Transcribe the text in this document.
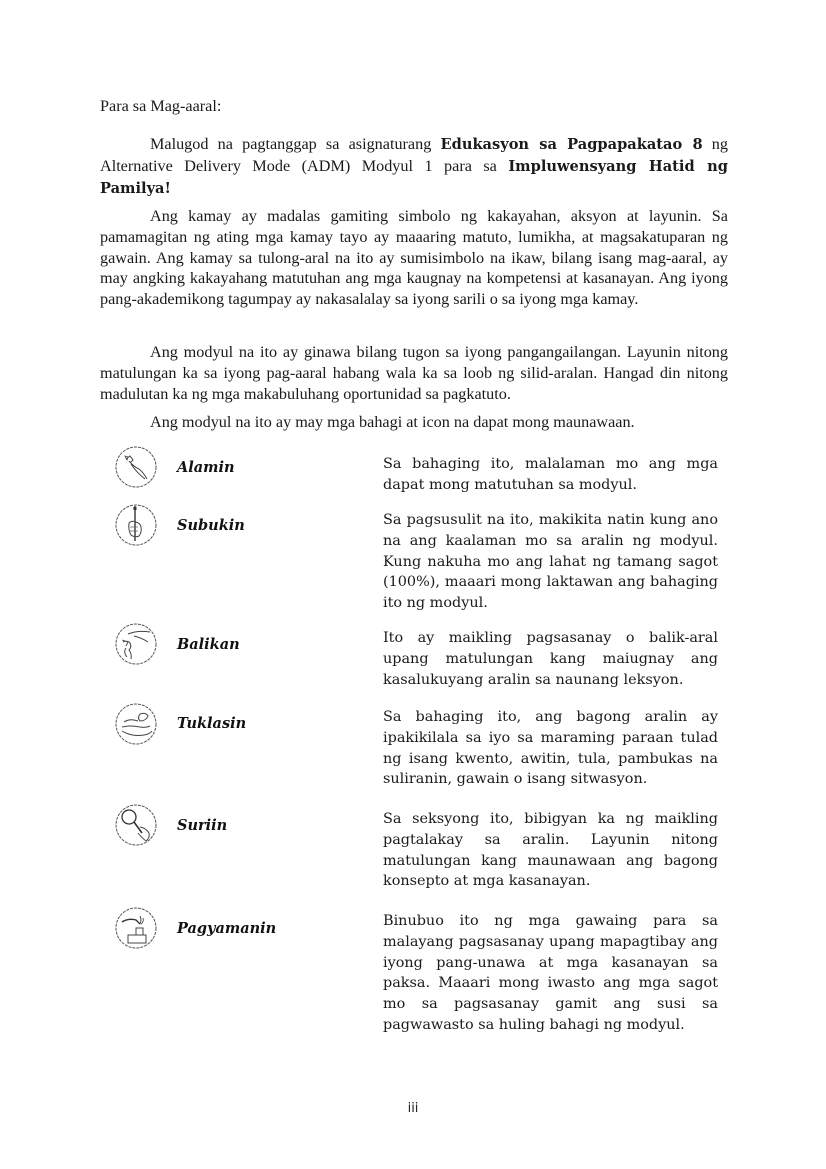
Para sa Mag-aaral:

Malugod na pagtanggap sa asignaturang Edukasyon sa Pagpapakatao 8 ng Alternative Delivery Mode (ADM) Modyul 1 para sa Impluwensyang Hatid ng Pamilya!

Ang kamay ay madalas gamiting simbolo ng kakayahan, aksyon at layunin. Sa pamamagitan ng ating mga kamay tayo ay maaaring matuto, lumikha, at magsakatuparan ng gawain. Ang kamay sa tulong-aral na ito ay sumisimbolo na ikaw, bilang isang mag-aaral, ay may angking kakayahang matutuhan ang mga kaugnay na kompetensi at kasanayan. Ang iyong pang-akademikong tagumpay ay nakasalalay sa iyong sarili o sa iyong mga kamay.

Ang modyul na ito ay ginawa bilang tugon sa iyong pangangailangan. Layunin nitong matulungan ka sa iyong pag-aaral habang wala ka sa loob ng silid-aralan. Hangad din nitong madulutan ka ng mga makabuluhang oportunidad sa pagkatuto.

Ang modyul na ito ay may mga bahagi at icon na dapat mong maunawaan.

Alamin	Sa bahaging ito, malalaman mo ang mga dapat mong matutuhan sa modyul.

Subukin	Sa pagsusulit na ito, makikita natin kung ano na ang kaalaman mo sa aralin ng modyul. Kung nakuha mo ang lahat ng tamang sagot (100%), maaari mong laktawan ang bahaging ito ng modyul.

Balikan	Ito ay maikling pagsasanay o balik-aral upang matulungan kang maiugnay ang kasalukuyang aralin sa naunang leksyon.

Tuklasin	Sa bahaging ito, ang bagong aralin ay ipakikilala sa iyo sa maraming paraan tulad ng isang kwento, awitin, tula, pambukas na suliranin, gawain o isang sitwasyon.

Suriin	Sa seksyong ito, bibigyan ka ng maikling pagtalakay sa aralin. Layunin nitong matulungan kang maunawaan ang bagong konsepto at mga kasanayan.

Pagyamanin	Binubuo ito ng mga gawaing para sa malayang pagsasanay upang mapagtibay ang iyong pang-unawa at mga kasanayan sa paksa. Maaari mong iwasto ang mga sagot mo sa pagsasanay gamit ang susi sa pagwawasto sa huling bahagi ng modyul.

iii
